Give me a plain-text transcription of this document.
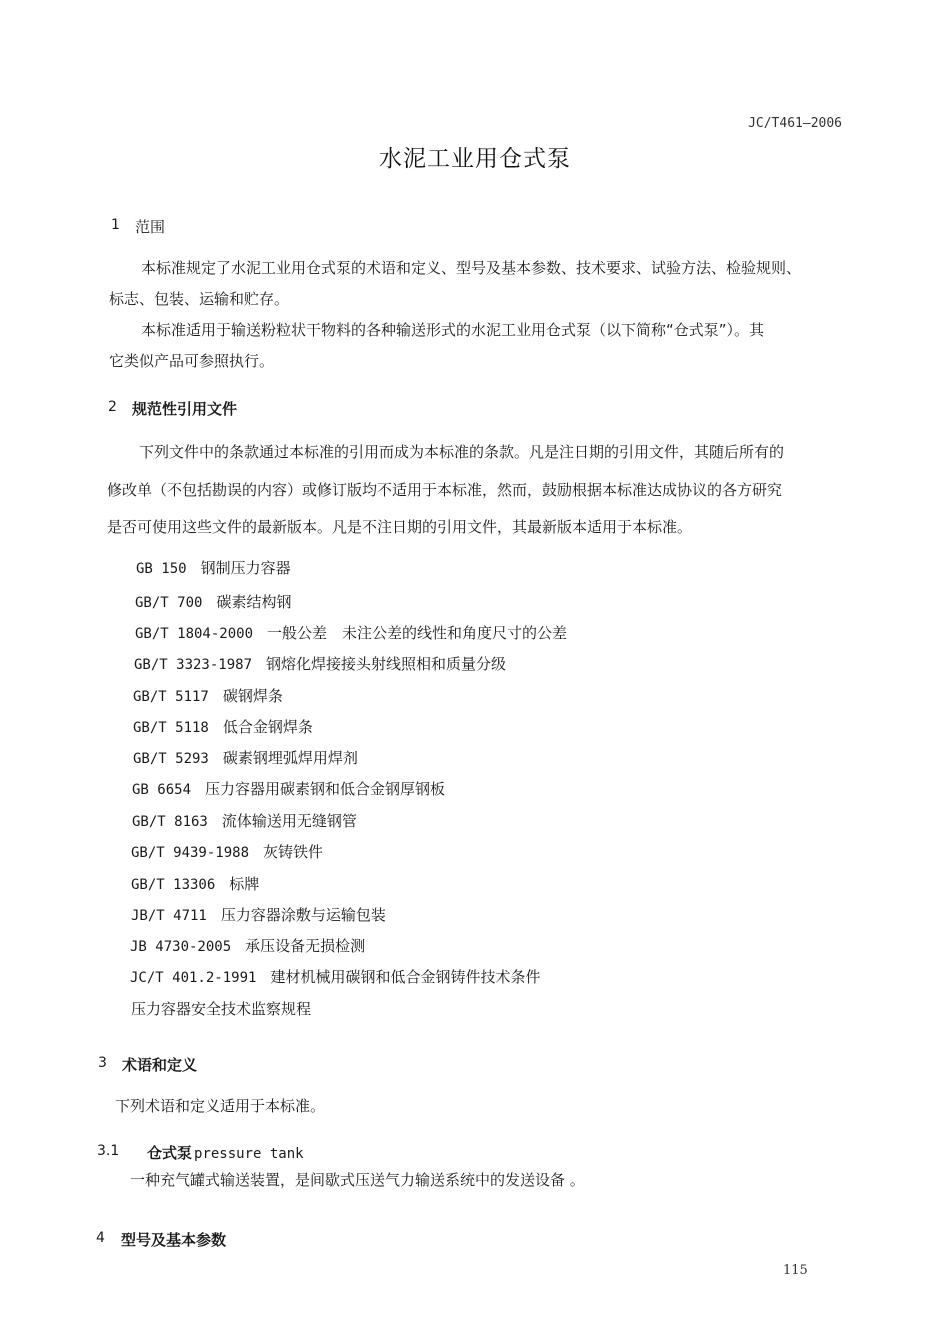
JC/T461—2006
水泥工业用仓式泵
1 范围
本标准规定了水泥工业用仓式泵的术语和定义、型号及基本参数、技术要求、试验方法、检验规则、
标志、包装、运输和贮存。
本标准适用于输送粉粒状干物料的各种输送形式的水泥工业用仓式泵（以下简称“仓式泵”）。其
它类似产品可参照执行。
2 规范性引用文件
下列文件中的条款通过本标准的引用而成为本标准的条款。凡是注日期的引用文件，其随后所有的
修改单（不包括勘误的内容）或修订版均不适用于本标准，然而，鼓励根据本标准达成协议的各方研究
是否可使用这些文件的最新版本。凡是不注日期的引用文件，其最新版本适用于本标准。
GB 150 钢制压力容器
GB/T 700 碳素结构钢
GB/T 1804-2000 一般公差　未注公差的线性和角度尺寸的公差
GB/T 3323-1987 钢熔化焊接接头射线照相和质量分级
GB/T 5117 碳钢焊条
GB/T 5118 低合金钢焊条
GB/T 5293 碳素钢埋弧焊用焊剂
GB 6654 压力容器用碳素钢和低合金钢厚钢板
GB/T 8163 流体输送用无缝钢管
GB/T 9439-1988 灰铸铁件
GB/T 13306 标牌
JB/T 4711 压力容器涂敷与运输包装
JB 4730-2005 承压设备无损检测
JC/T 401.2-1991 建材机械用碳钢和低合金钢铸件技术条件
压力容器安全技术监察规程
3 术语和定义
下列术语和定义适用于本标准。
3.1 仓式泵 pressure tank
一种充气罐式输送装置，是间歇式压送气力输送系统中的发送设备 。
4 型号及基本参数
115
